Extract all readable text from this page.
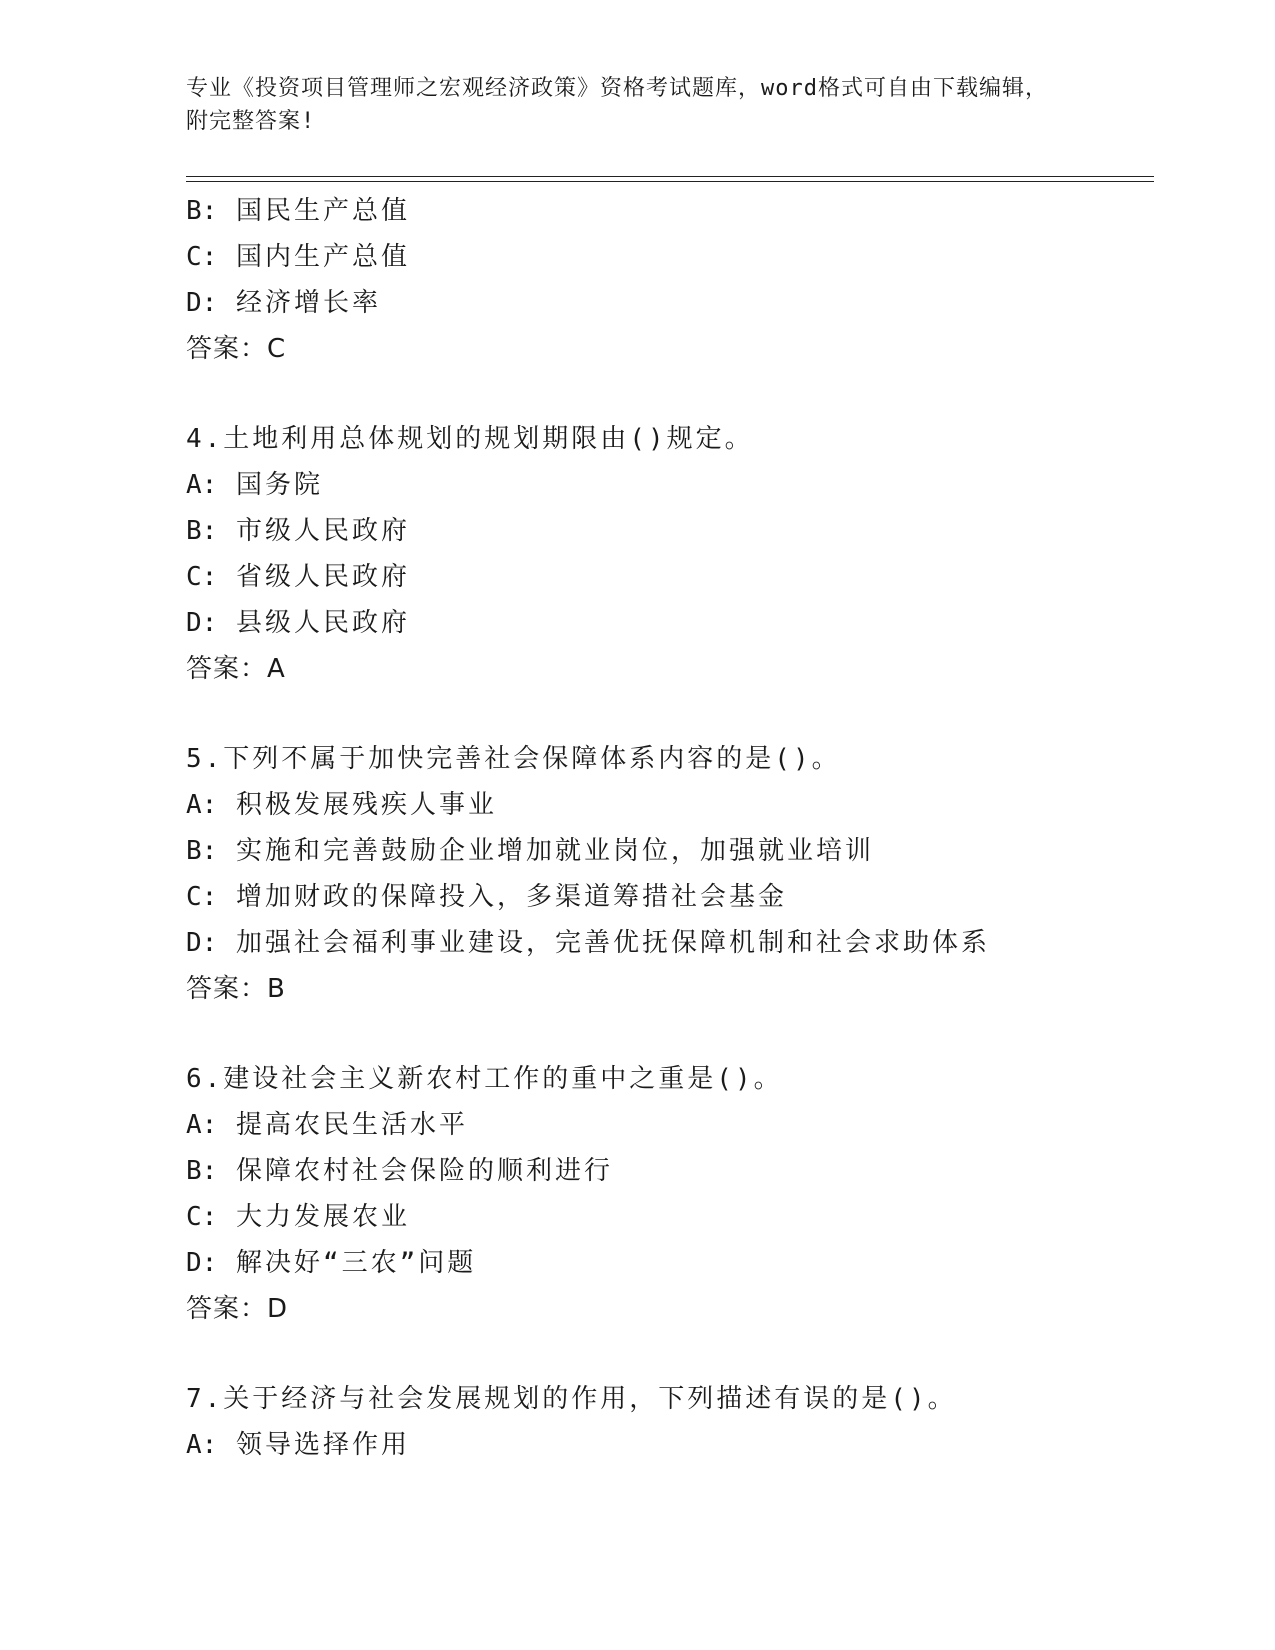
专业《投资项目管理师之宏观经济政策》资格考试题库，word格式可自由下载编辑，附完整答案!
B: 国民生产总值
C: 国内生产总值
D: 经济增长率
答案：C
4.土地利用总体规划的规划期限由()规定。
A: 国务院
B: 市级人民政府
C: 省级人民政府
D: 县级人民政府
答案：A
5.下列不属于加快完善社会保障体系内容的是()。
A: 积极发展残疾人事业
B: 实施和完善鼓励企业增加就业岗位，加强就业培训
C: 增加财政的保障投入，多渠道筹措社会基金
D: 加强社会福利事业建设，完善优抚保障机制和社会求助体系
答案：B
6.建设社会主义新农村工作的重中之重是()。
A: 提高农民生活水平
B: 保障农村社会保险的顺利进行
C: 大力发展农业
D: 解决好“三农”问题
答案：D
7.关于经济与社会发展规划的作用，下列描述有误的是()。
A: 领导选择作用
